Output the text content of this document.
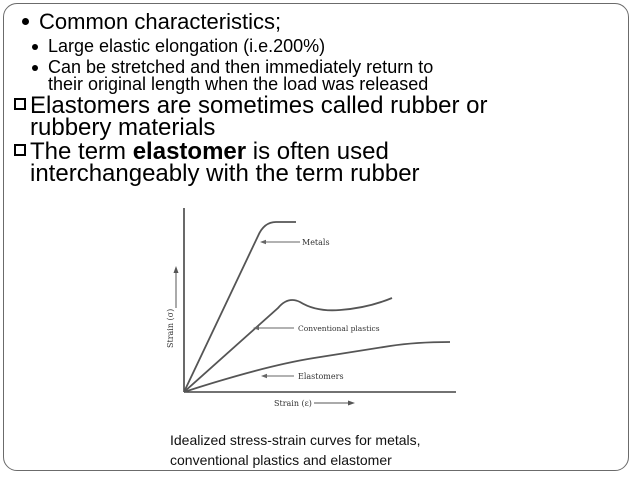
Common characteristics;
Large elastic elongation (i.e.200%)
Can be stretched and then immediately return to
their original length when the load was released
Elastomers are sometimes called rubber or
rubbery materials
The term elastomer is often used
interchangeably with the term rubber
Strain (σ)
Strain (ε)
Metals
Conventional plastics
Elastomers
Idealized stress-strain curves for metals,
conventional plastics and elastomer
